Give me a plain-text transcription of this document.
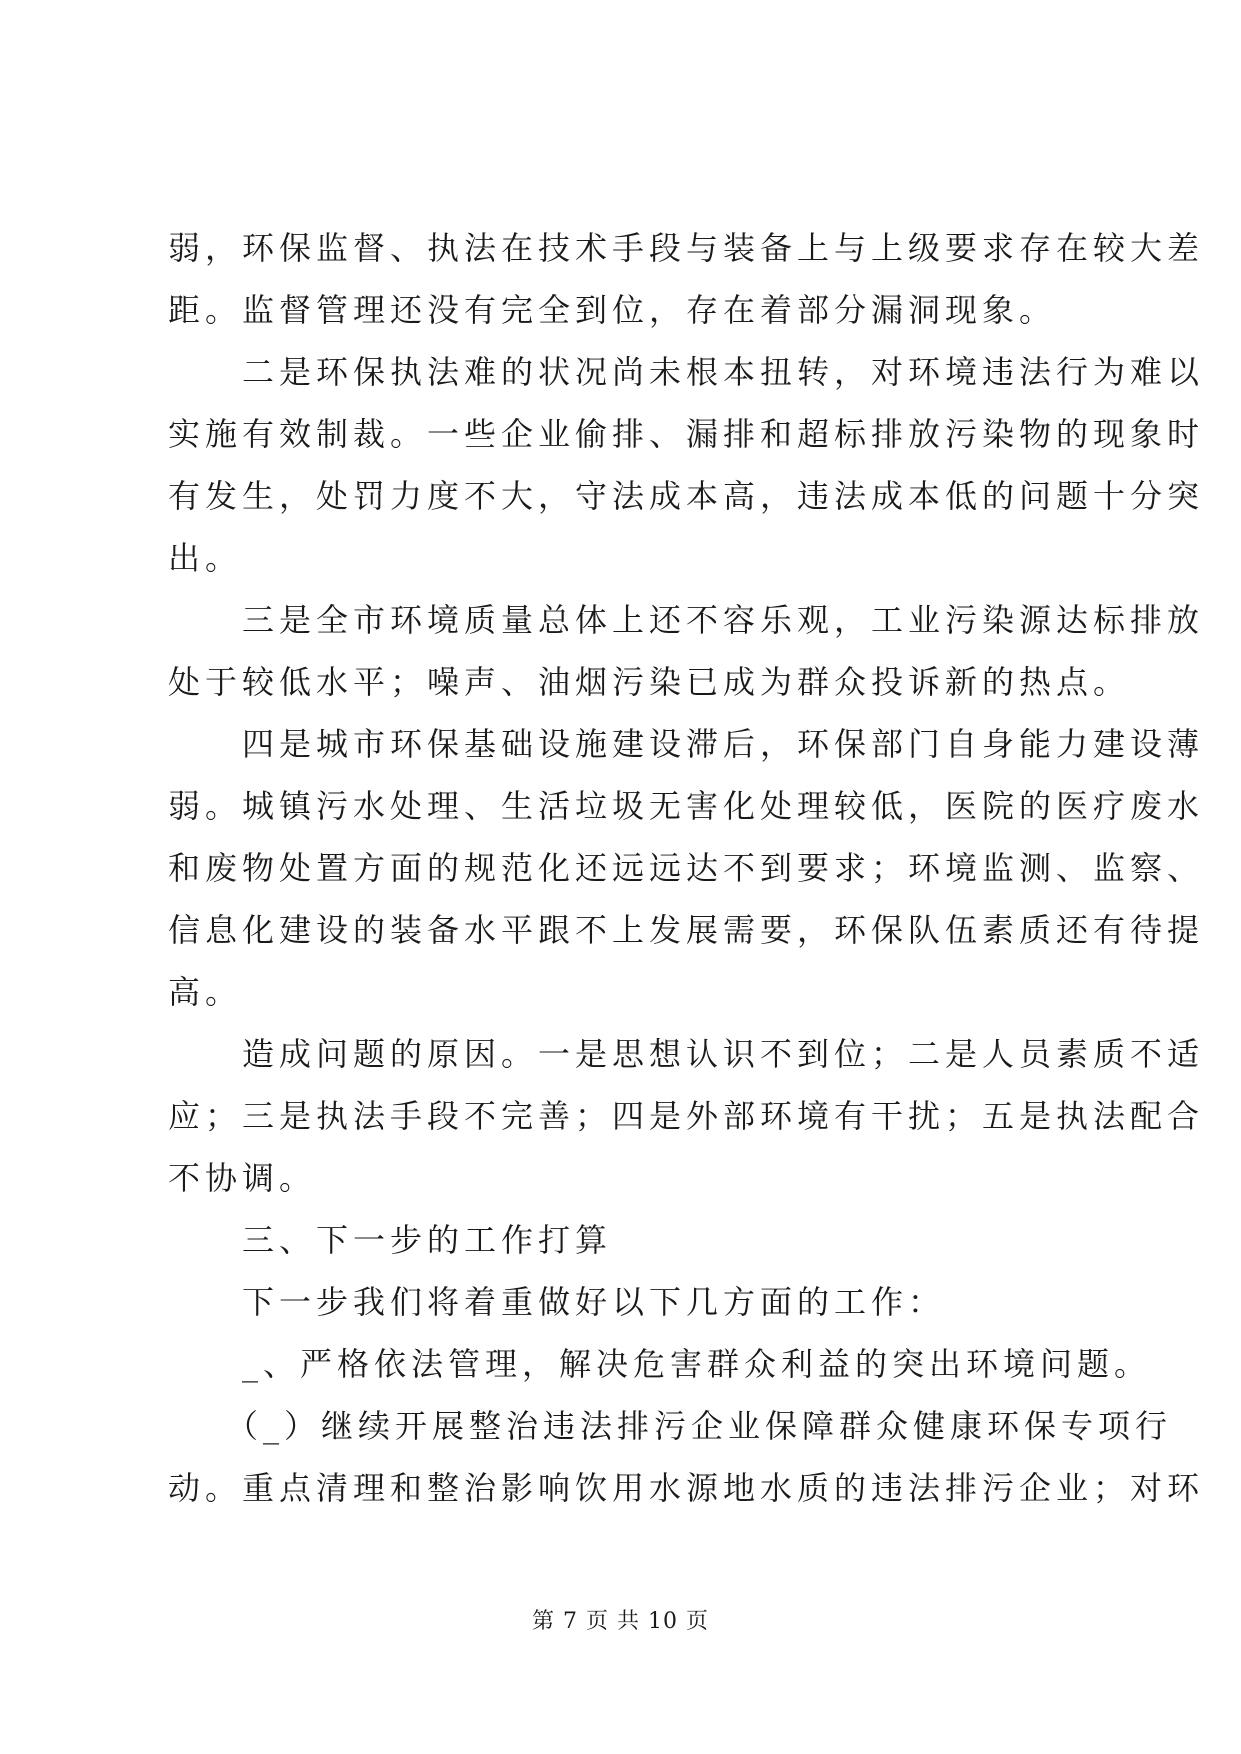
弱，环保监督、执法在技术手段与装备上与上级要求存在较大差
距。监督管理还没有完全到位，存在着部分漏洞现象。
　　二是环保执法难的状况尚未根本扭转，对环境违法行为难以
实施有效制裁。一些企业偷排、漏排和超标排放污染物的现象时
有发生，处罚力度不大，守法成本高，违法成本低的问题十分突
出。
　　三是全市环境质量总体上还不容乐观，工业污染源达标排放
处于较低水平；噪声、油烟污染已成为群众投诉新的热点。
　　四是城市环保基础设施建设滞后，环保部门自身能力建设薄
弱。城镇污水处理、生活垃圾无害化处理较低，医院的医疗废水
和废物处置方面的规范化还远远达不到要求；环境监测、监察、
信息化建设的装备水平跟不上发展需要，环保队伍素质还有待提
高。
　　造成问题的原因。一是思想认识不到位；二是人员素质不适
应；三是执法手段不完善；四是外部环境有干扰；五是执法配合
不协调。
　　三、下一步的工作打算
　　下一步我们将着重做好以下几方面的工作：
　　_、严格依法管理，解决危害群众利益的突出环境问题。
　　（_）继续开展整治违法排污企业保障群众健康环保专项行
动。重点清理和整治影响饮用水源地水质的违法排污企业；对环
第 7 页 共 10 页
